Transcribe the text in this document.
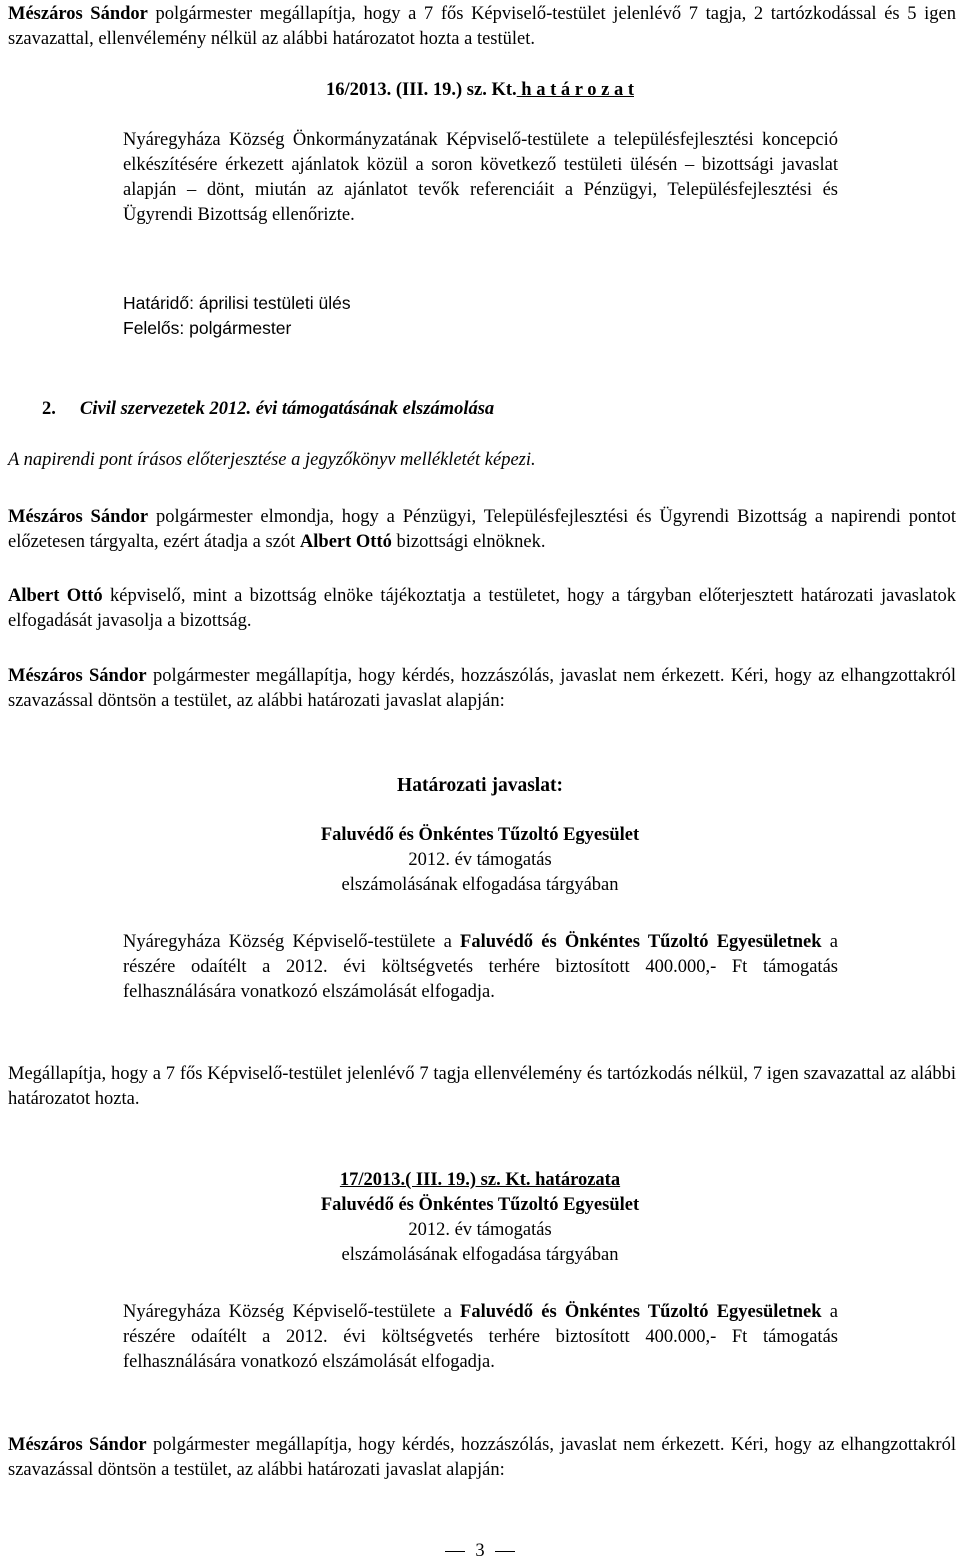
Mészáros Sándor polgármester megállapítja, hogy a 7 fős Képviselő-testület jelenlévő 7 tagja, 2 tartózkodással és 5 igen szavazattal, ellenvélemény nélkül az alábbi határozatot hozta a testület.

16/2013. (III. 19.) sz. Kt. h a t á r o z a t

Nyáregyháza Község Önkormányzatának Képviselő-testülete a településfejlesztési koncepció elkészítésére érkezett ajánlatok közül a soron következő testületi ülésén – bizottsági javaslat alapján – dönt, miután az ajánlatot tevők referenciáit a Pénzügyi, Településfejlesztési és Ügyrendi Bizottság ellenőrizte.

Határidő: áprilisi testületi ülés

Felelős: polgármester

2. Civil szervezetek 2012. évi támogatásának elszámolása

A napirendi pont írásos előterjesztése a jegyzőkönyv mellékletét képezi.

Mészáros Sándor polgármester elmondja, hogy a Pénzügyi, Településfejlesztési és Ügyrendi Bizottság a napirendi pontot előzetesen tárgyalta, ezért átadja a szót Albert Ottó bizottsági elnöknek.

Albert Ottó képviselő, mint a bizottság elnöke tájékoztatja a testületet, hogy a tárgyban előterjesztett határozati javaslatok elfogadását javasolja a bizottság.

Mészáros Sándor polgármester megállapítja, hogy kérdés, hozzászólás, javaslat nem érkezett. Kéri, hogy az elhangzottakról szavazással döntsön a testület, az alábbi határozati javaslat alapján:

Határozati javaslat:

Faluvédő és Önkéntes Tűzoltó Egyesület

2012. év támogatás

elszámolásának elfogadása tárgyában

Nyáregyháza Község Képviselő-testülete a Faluvédő és Önkéntes Tűzoltó Egyesületnek a részére odaítélt a 2012. évi költségvetés terhére biztosított 400.000,- Ft támogatás felhasználására vonatkozó elszámolását elfogadja.

Megállapítja, hogy a 7 fős Képviselő-testület jelenlévő 7 tagja ellenvélemény és tartózkodás nélkül, 7 igen szavazattal az alábbi határozatot hozta.

17/2013.( III. 19.) sz. Kt. határozata

Faluvédő és Önkéntes Tűzoltó Egyesület

2012. év támogatás

elszámolásának elfogadása tárgyában

Nyáregyháza Község Képviselő-testülete a Faluvédő és Önkéntes Tűzoltó Egyesületnek a részére odaítélt a 2012. évi költségvetés terhére biztosított 400.000,- Ft támogatás felhasználására vonatkozó elszámolását elfogadja.

Mészáros Sándor polgármester megállapítja, hogy kérdés, hozzászólás, javaslat nem érkezett. Kéri, hogy az elhangzottakról szavazással döntsön a testület, az alábbi határozati javaslat alapján:

3
